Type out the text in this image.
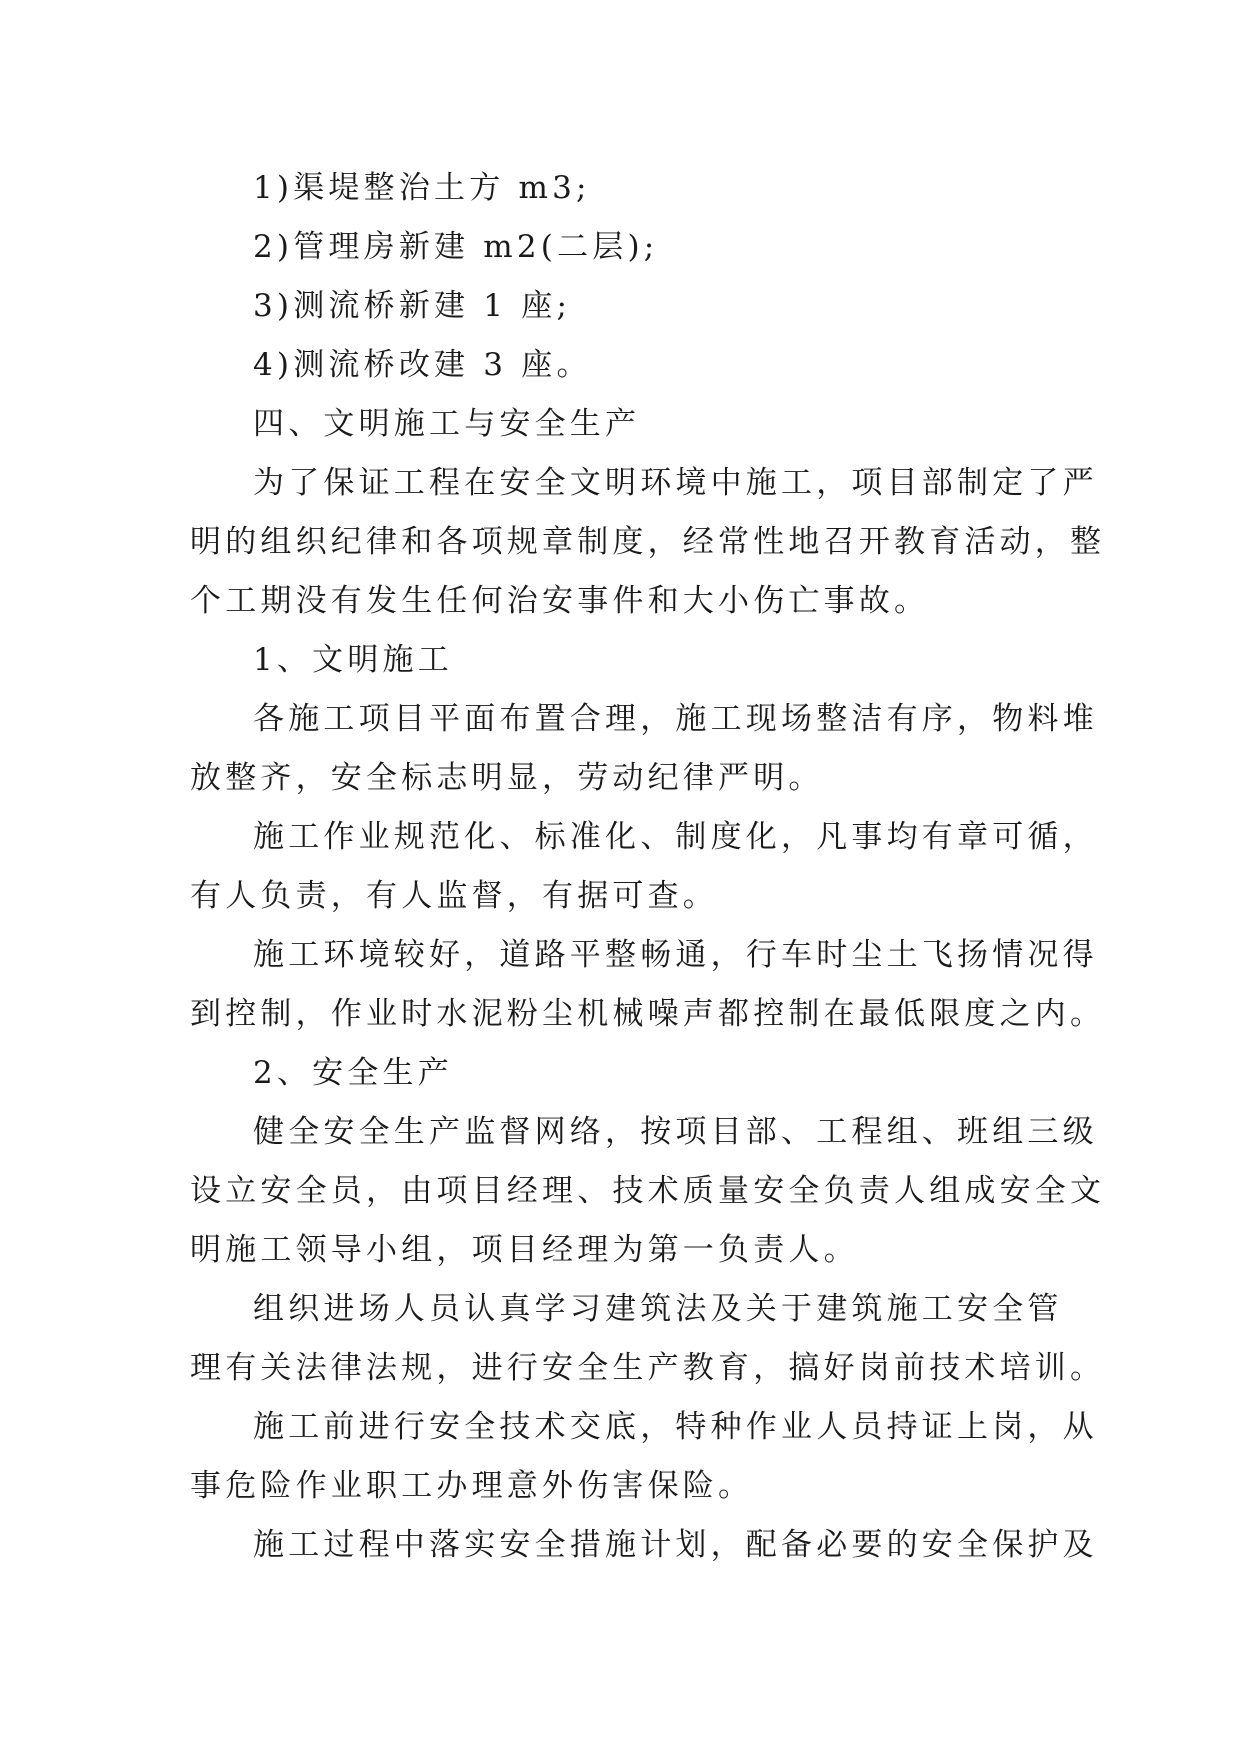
1)渠堤整治土方 m3;

2)管理房新建 m2(二层);

3)测流桥新建 1 座;

4)测流桥改建 3 座。

四、文明施工与安全生产

为了保证工程在安全文明环境中施工，项目部制定了严

明的组织纪律和各项规章制度，经常性地召开教育活动，整

个工期没有发生任何治安事件和大小伤亡事故。

1、文明施工

各施工项目平面布置合理，施工现场整洁有序，物料堆

放整齐，安全标志明显，劳动纪律严明。

施工作业规范化、标准化、制度化，凡事均有章可循，

有人负责，有人监督，有据可查。

施工环境较好，道路平整畅通，行车时尘土飞扬情况得

到控制，作业时水泥粉尘机械噪声都控制在最低限度之内。

2、安全生产

健全安全生产监督网络，按项目部、工程组、班组三级

设立安全员，由项目经理、技术质量安全负责人组成安全文

明施工领导小组，项目经理为第一负责人。

组织进场人员认真学习建筑法及关于建筑施工安全管

理有关法律法规，进行安全生产教育，搞好岗前技术培训。

施工前进行安全技术交底，特种作业人员持证上岗，从

事危险作业职工办理意外伤害保险。

施工过程中落实安全措施计划，配备必要的安全保护及
